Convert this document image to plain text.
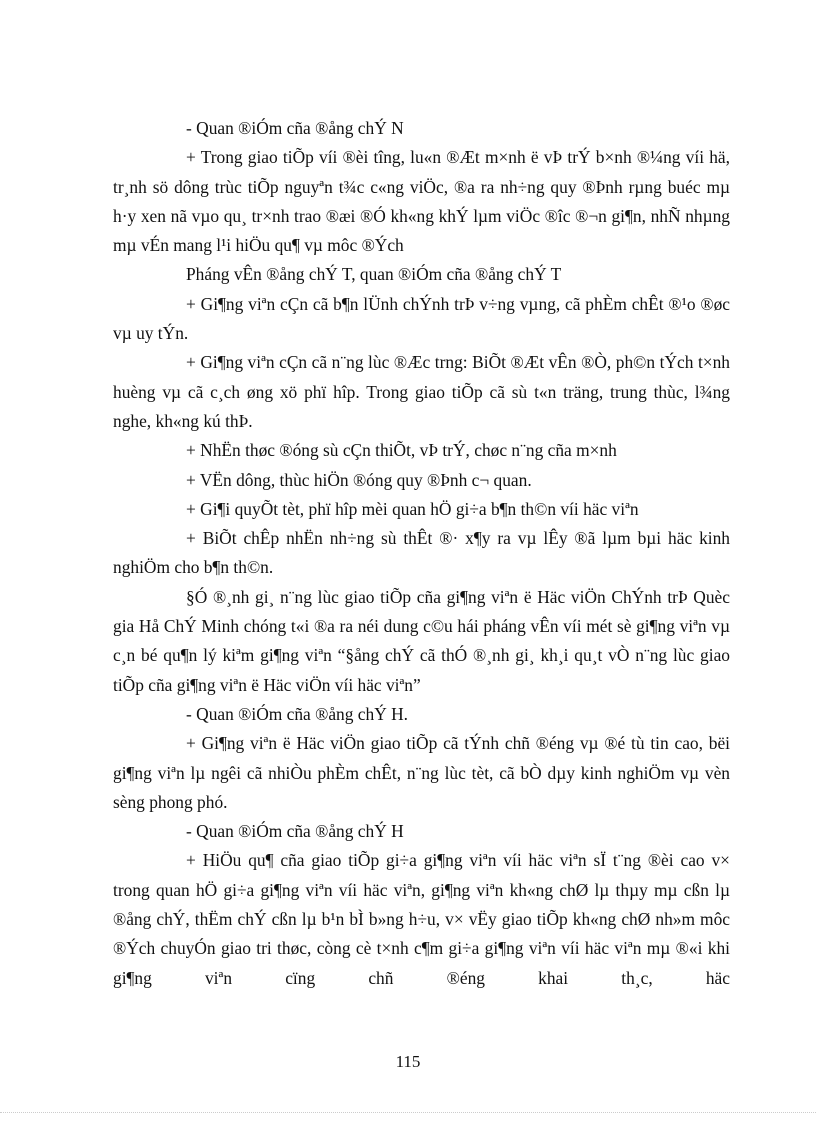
- Quan ®iÓm cña ®ång chÝ N

+ Trong giao tiÕp víi ®èi tîng, lu«n ®Æt m×nh ë vÞ trÝ b×nh ®¼ng víi hä, tr¸nh sö dông trùc tiÕp nguyªn t¾c c«ng viÖc, ®a ra nh÷ng quy ®Þnh rµng buéc mµ h·y xen nã vµo qu¸ tr×nh trao ®æi ®Ó kh«ng khÝ lµm viÖc ®îc ®¬n gi¶n, nhÑ nhµng mµ vÉn mang l¹i hiÖu qu¶ vµ môc ®Ých

Pháng vÊn ®ång chÝ T, quan ®iÓm cña ®ång chÝ T

+ Gi¶ng viªn cÇn cã b¶n lÜnh chÝnh trÞ v÷ng vµng, cã phÈm chÊt ®¹o ®øc vµ uy tÝn.

+ Gi¶ng viªn cÇn cã n¨ng lùc ®Æc trng: BiÕt ®Æt vÊn ®Ò, ph©n tÝch t×nh huèng vµ cã c¸ch øng xö phï hîp. Trong giao tiÕp cã sù t«n träng, trung thùc, l¾ng nghe, kh«ng kú thÞ.

+ NhËn thøc ®óng sù cÇn thiÕt, vÞ trÝ, chøc n¨ng cña m×nh

+ VËn dông, thùc hiÖn ®óng quy ®Þnh c¬ quan.

+ Gi¶i quyÕt tèt, phï hîp mèi quan hÖ gi÷a b¶n th©n víi häc viªn

+ BiÕt chÊp nhËn nh÷ng sù thÊt ®· x¶y ra vµ lÊy ®ã lµm bµi häc kinh nghiÖm cho b¶n th©n.

§Ó ®¸nh gi¸ n¨ng lùc giao tiÕp cña gi¶ng viªn ë Häc viÖn ChÝnh trÞ Quèc gia Hå ChÝ Minh chóng t«i ®a ra néi dung c©u hái pháng vÊn víi mét sè gi¶ng viªn vµ c¸n bé qu¶n lý kiªm gi¶ng viªn “§ång chÝ cã thÓ ®¸nh gi¸ kh¸i qu¸t vÒ n¨ng lùc giao tiÕp cña gi¶ng viªn ë Häc viÖn víi häc viªn”

- Quan ®iÓm cña ®ång chÝ H.

+ Gi¶ng viªn ë Häc viÖn giao tiÕp cã tÝnh chñ ®éng vµ ®é tù tin cao, bëi gi¶ng viªn lµ ngêi cã nhiÒu phÈm chÊt, n¨ng lùc tèt, cã bÒ dµy kinh nghiÖm vµ vèn sèng phong phó.

- Quan ®iÓm cña ®ång chÝ H

+ HiÖu qu¶ cña giao tiÕp gi÷a gi¶ng viªn víi häc viªn sÏ t¨ng ®èi cao v× trong quan hÖ gi÷a gi¶ng viªn víi häc viªn, gi¶ng viªn kh«ng chØ lµ thµy mµ cßn lµ ®ång chÝ, thËm chÝ cßn lµ b¹n bÌ b»ng h÷u, v× vËy giao tiÕp kh«ng chØ nh»m môc ®Ých chuyÓn giao tri thøc, còng cè t×nh c¶m gi÷a gi¶ng viªn víi häc viªn mµ ®«i khi gi¶ng viªn cïng chñ ®éng khai th¸c, häc

115
